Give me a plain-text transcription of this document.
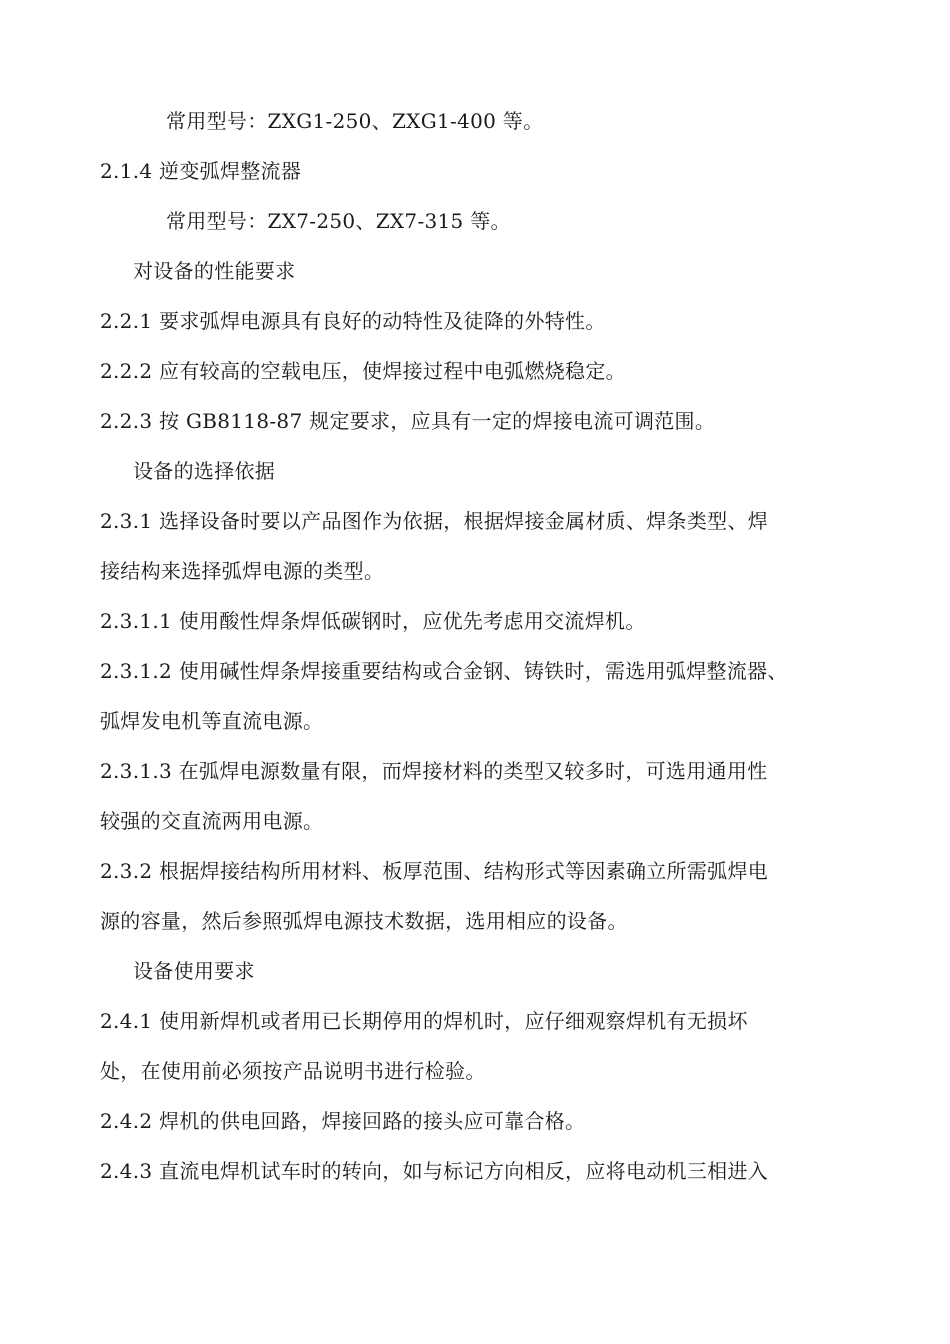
常用型号：ZXG1-250、ZXG1-400 等。
2.1.4 逆变弧焊整流器
常用型号：ZX7-250、ZX7-315 等。
对设备的性能要求
2.2.1 要求弧焊电源具有良好的动特性及徒降的外特性。
2.2.2 应有较高的空载电压，使焊接过程中电弧燃烧稳定。
2.2.3 按 GB8118-87 规定要求，应具有一定的焊接电流可调范围。
设备的选择依据
2.3.1 选择设备时要以产品图作为依据，根据焊接金属材质、焊条类型、焊
接结构来选择弧焊电源的类型。
2.3.1.1 使用酸性焊条焊低碳钢时，应优先考虑用交流焊机。
2.3.1.2 使用碱性焊条焊接重要结构或合金钢、铸铁时，需选用弧焊整流器、
弧焊发电机等直流电源。
2.3.1.3 在弧焊电源数量有限，而焊接材料的类型又较多时，可选用通用性
较强的交直流两用电源。
2.3.2 根据焊接结构所用材料、板厚范围、结构形式等因素确立所需弧焊电
源的容量，然后参照弧焊电源技术数据，选用相应的设备。
设备使用要求
2.4.1 使用新焊机或者用已长期停用的焊机时，应仔细观察焊机有无损坏
处，在使用前必须按产品说明书进行检验。
2.4.2 焊机的供电回路，焊接回路的接头应可靠合格。
2.4.3 直流电焊机试车时的转向，如与标记方向相反，应将电动机三相进入
